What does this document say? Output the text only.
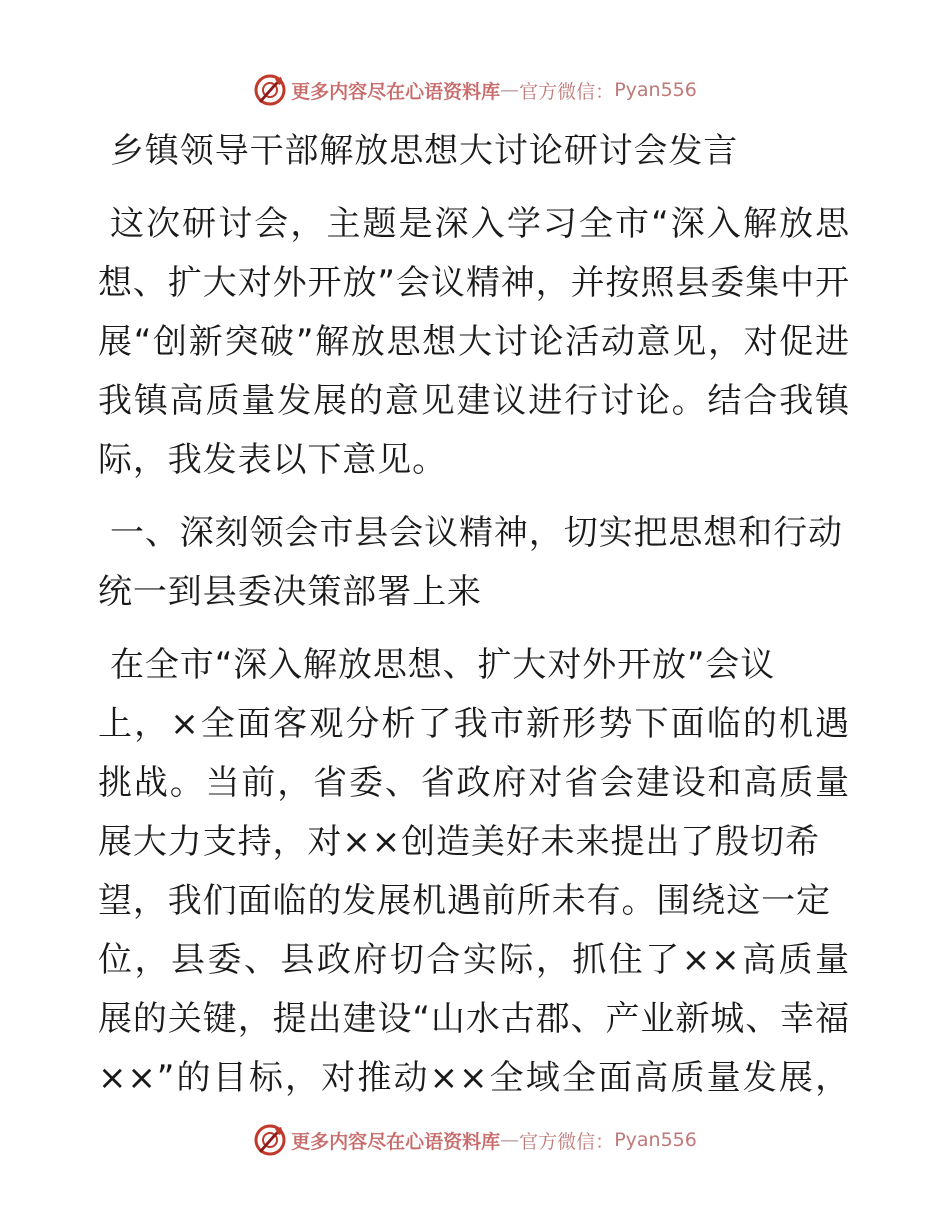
更多内容尽在心语资料库 — 官方微信： Pyan556
乡镇领导干部解放思想大讨论研讨会发言
这次研讨会，主题是深入学习全市“深入解放思
想、扩大对外开放”会议精神，并按照县委集中开
展“创新突破”解放思想大讨论活动意见，对促进
我镇高质量发展的意见建议进行讨论。结合我镇
际，我发表以下意见。
一、深刻领会市县会议精神，切实把思想和行动
统一到县委决策部署上来
在全市“深入解放思想、扩大对外开放”会议
上，×全面客观分析了我市新形势下面临的机遇
挑战。当前，省委、省政府对省会建设和高质量
展大力支持，对××创造美好未来提出了殷切希
望，我们面临的发展机遇前所未有。围绕这一定
位，县委、县政府切合实际，抓住了××高质量
展的关键，提出建设“山水古郡、产业新城、幸福
××”的目标，对推动××全域全面高质量发展，
更多内容尽在心语资料库 — 官方微信： Pyan556
